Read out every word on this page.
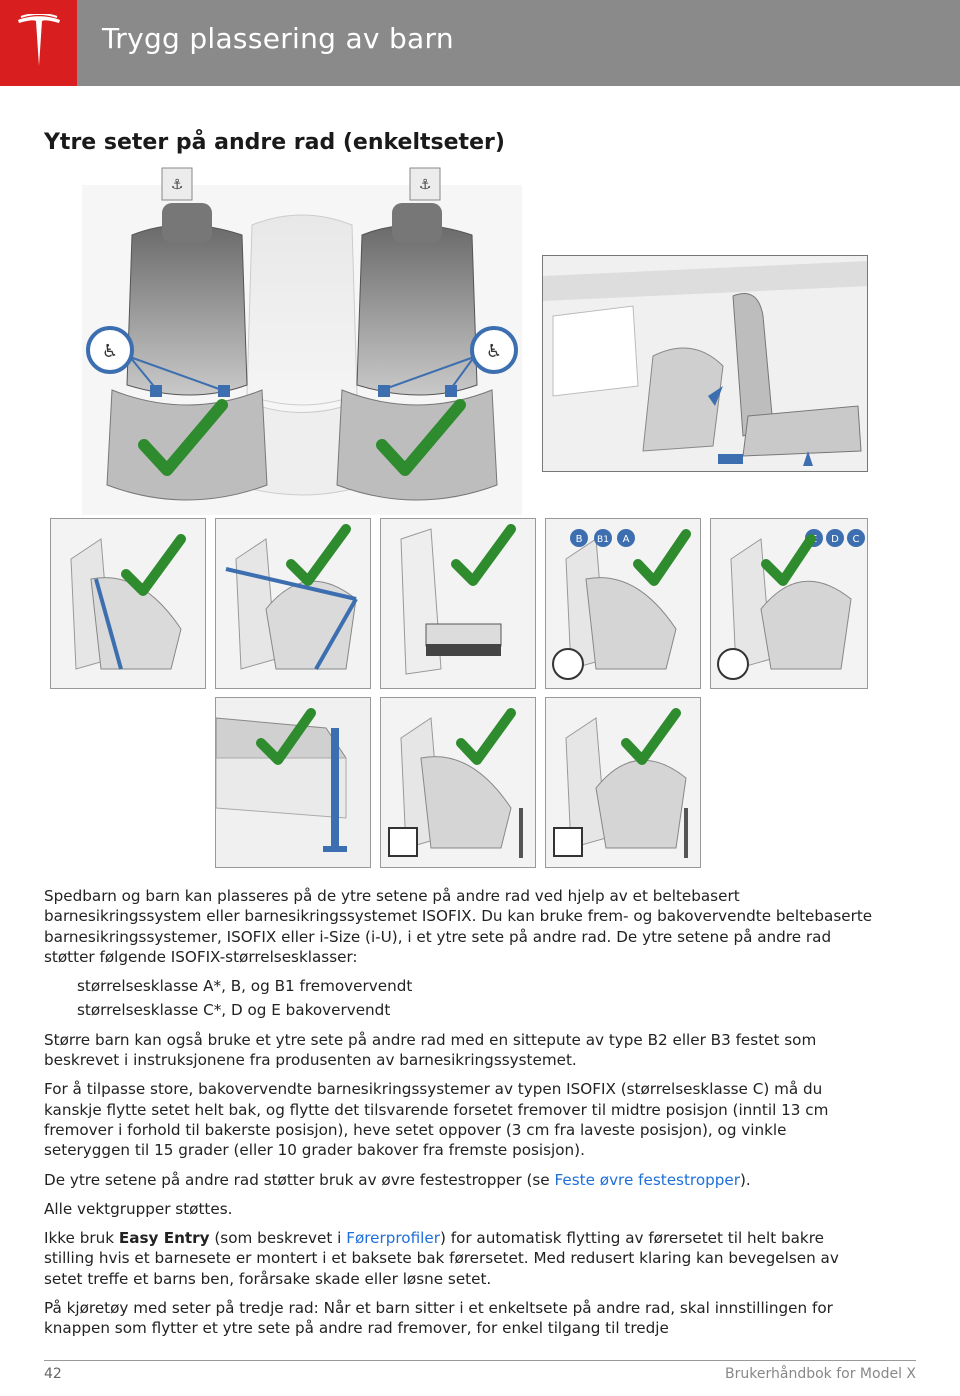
Trygg plassering av barn
Ytre seter på andre rad (enkeltseter)
⚓	⚓
♿	♿
B B1 A	E D C

Spedbarn og barn kan plasseres på de ytre setene på andre rad ved hjelp av et beltebasert barnesikringssystem eller barnesikringssystemet ISOFIX. Du kan bruke frem- og bakovervendte beltebaserte barnesikringssystemer, ISOFIX eller i-Size (i-U), i et ytre sete på andre rad. De ytre setene på andre rad støtter følgende ISOFIX-størrelsesklasser:

størrelsesklasse A*, B, og B1 fremovervendt

størrelsesklasse C*, D og E bakovervendt

Større barn kan også bruke et ytre sete på andre rad med en sittepute av type B2 eller B3 festet som beskrevet i instruksjonene fra produsenten av barnesikringssystemet.

For å tilpasse store, bakovervendte barnesikringssystemer av typen ISOFIX (størrelsesklasse C) må du kanskje flytte setet helt bak, og flytte det tilsvarende forsetet fremover til midtre posisjon (inntil 13 cm fremover i forhold til bakerste posisjon), heve setet oppover (3 cm fra laveste posisjon), og vinkle seteryggen til 15 grader (eller 10 grader bakover fra fremste posisjon).

De ytre setene på andre rad støtter bruk av øvre festestropper (se Feste øvre festestropper).

Alle vektgrupper støttes.

Ikke bruk Easy Entry (som beskrevet i Førerprofiler) for automatisk flytting av førersetet til helt bakre stilling hvis et barnesete er montert i et baksete bak førersetet. Med redusert klaring kan bevegelsen av setet treffe et barns ben, forårsake skade eller løsne setet.

På kjøretøy med seter på tredje rad: Når et barn sitter i et enkeltsete på andre rad, skal innstillingen for knappen som flytter et ytre sete på andre rad fremover, for enkel tilgang til tredje

42	Brukerhåndbok for Model X
